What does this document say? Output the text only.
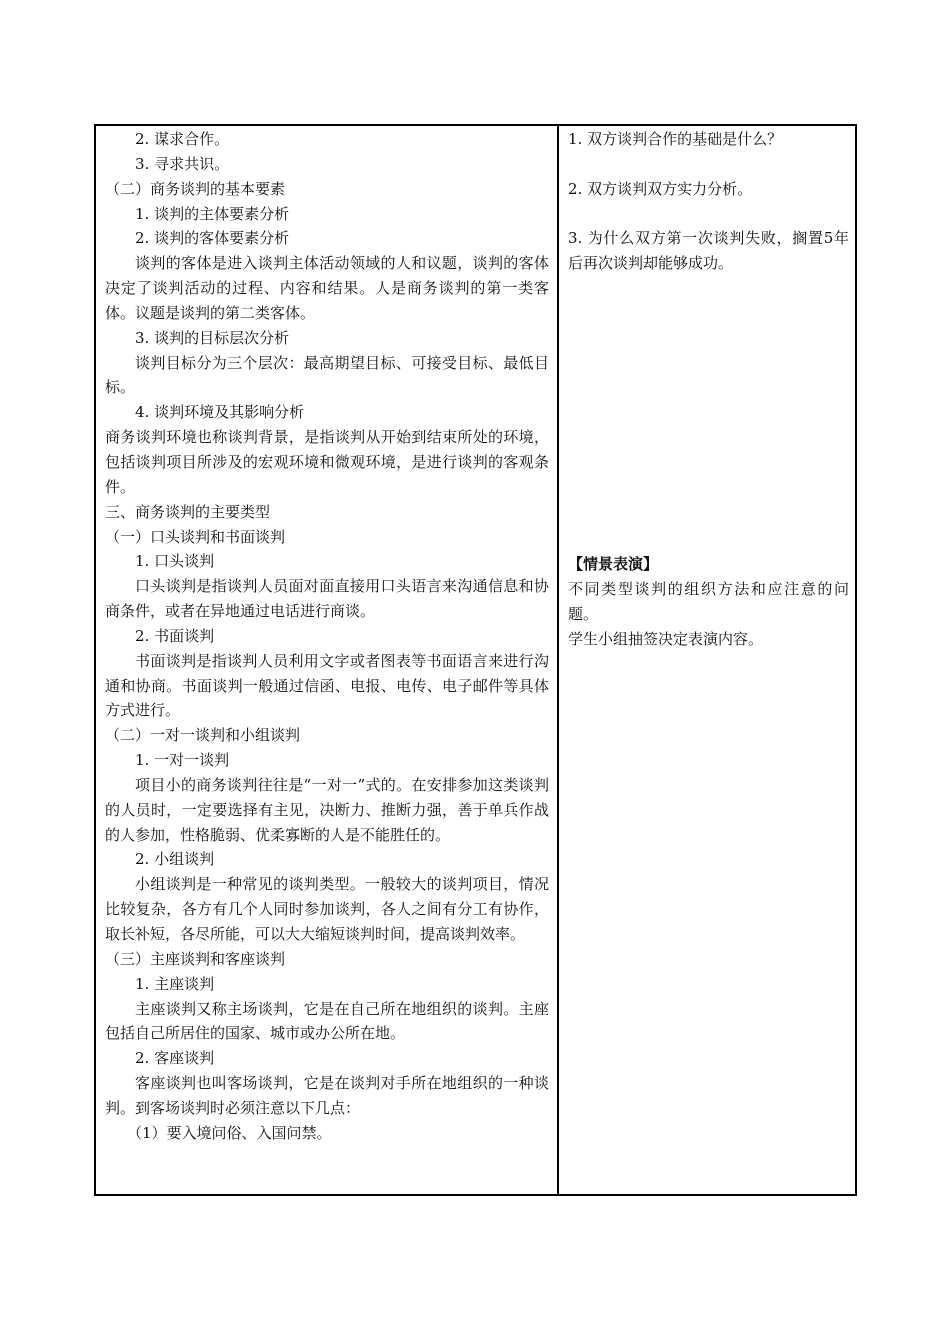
2. 谋求合作。
3. 寻求共识。
（二）商务谈判的基本要素
1. 谈判的主体要素分析
2. 谈判的客体要素分析

谈判的客体是进入谈判主体活动领域的人和议题，谈判的客体决定了谈判活动的过程、内容和结果。人是商务谈判的第一类客体。议题是谈判的第二类客体。

3. 谈判的目标层次分析

谈判目标分为三个层次：最高期望目标、可接受目标、最低目标。

4. 谈判环境及其影响分析

商务谈判环境也称谈判背景，是指谈判从开始到结束所处的环境，包括谈判项目所涉及的宏观环境和微观环境，是进行谈判的客观条件。

三、商务谈判的主要类型
（一）口头谈判和书面谈判
1. 口头谈判

口头谈判是指谈判人员面对面直接用口头语言来沟通信息和协商条件，或者在异地通过电话进行商谈。

2. 书面谈判

书面谈判是指谈判人员利用文字或者图表等书面语言来进行沟通和协商。书面谈判一般通过信函、电报、电传、电子邮件等具体方式进行。

（二）一对一谈判和小组谈判
1. 一对一谈判

项目小的商务谈判往往是“一对一”式的。在安排参加这类谈判的人员时，一定要选择有主见，决断力、推断力强，善于单兵作战的人参加，性格脆弱、优柔寡断的人是不能胜任的。

2. 小组谈判

小组谈判是一种常见的谈判类型。一般较大的谈判项目，情况比较复杂，各方有几个人同时参加谈判，各人之间有分工有协作，取长补短，各尽所能，可以大大缩短谈判时间，提高谈判效率。

（三）主座谈判和客座谈判
1. 主座谈判

主座谈判又称主场谈判，它是在自己所在地组织的谈判。主座包括自己所居住的国家、城市或办公所在地。

2. 客座谈判

客座谈判也叫客场谈判，它是在谈判对手所在地组织的一种谈判。到客场谈判时必须注意以下几点：

（1）要入境问俗、入国问禁。

1. 双方谈判合作的基础是什么？

2. 双方谈判双方实力分析。

3. 为什么双方第一次谈判失败，搁置5年后再次谈判却能够成功。

【情景表演】

不同类型谈判的组织方法和应注意的问题。

学生小组抽签决定表演内容。
